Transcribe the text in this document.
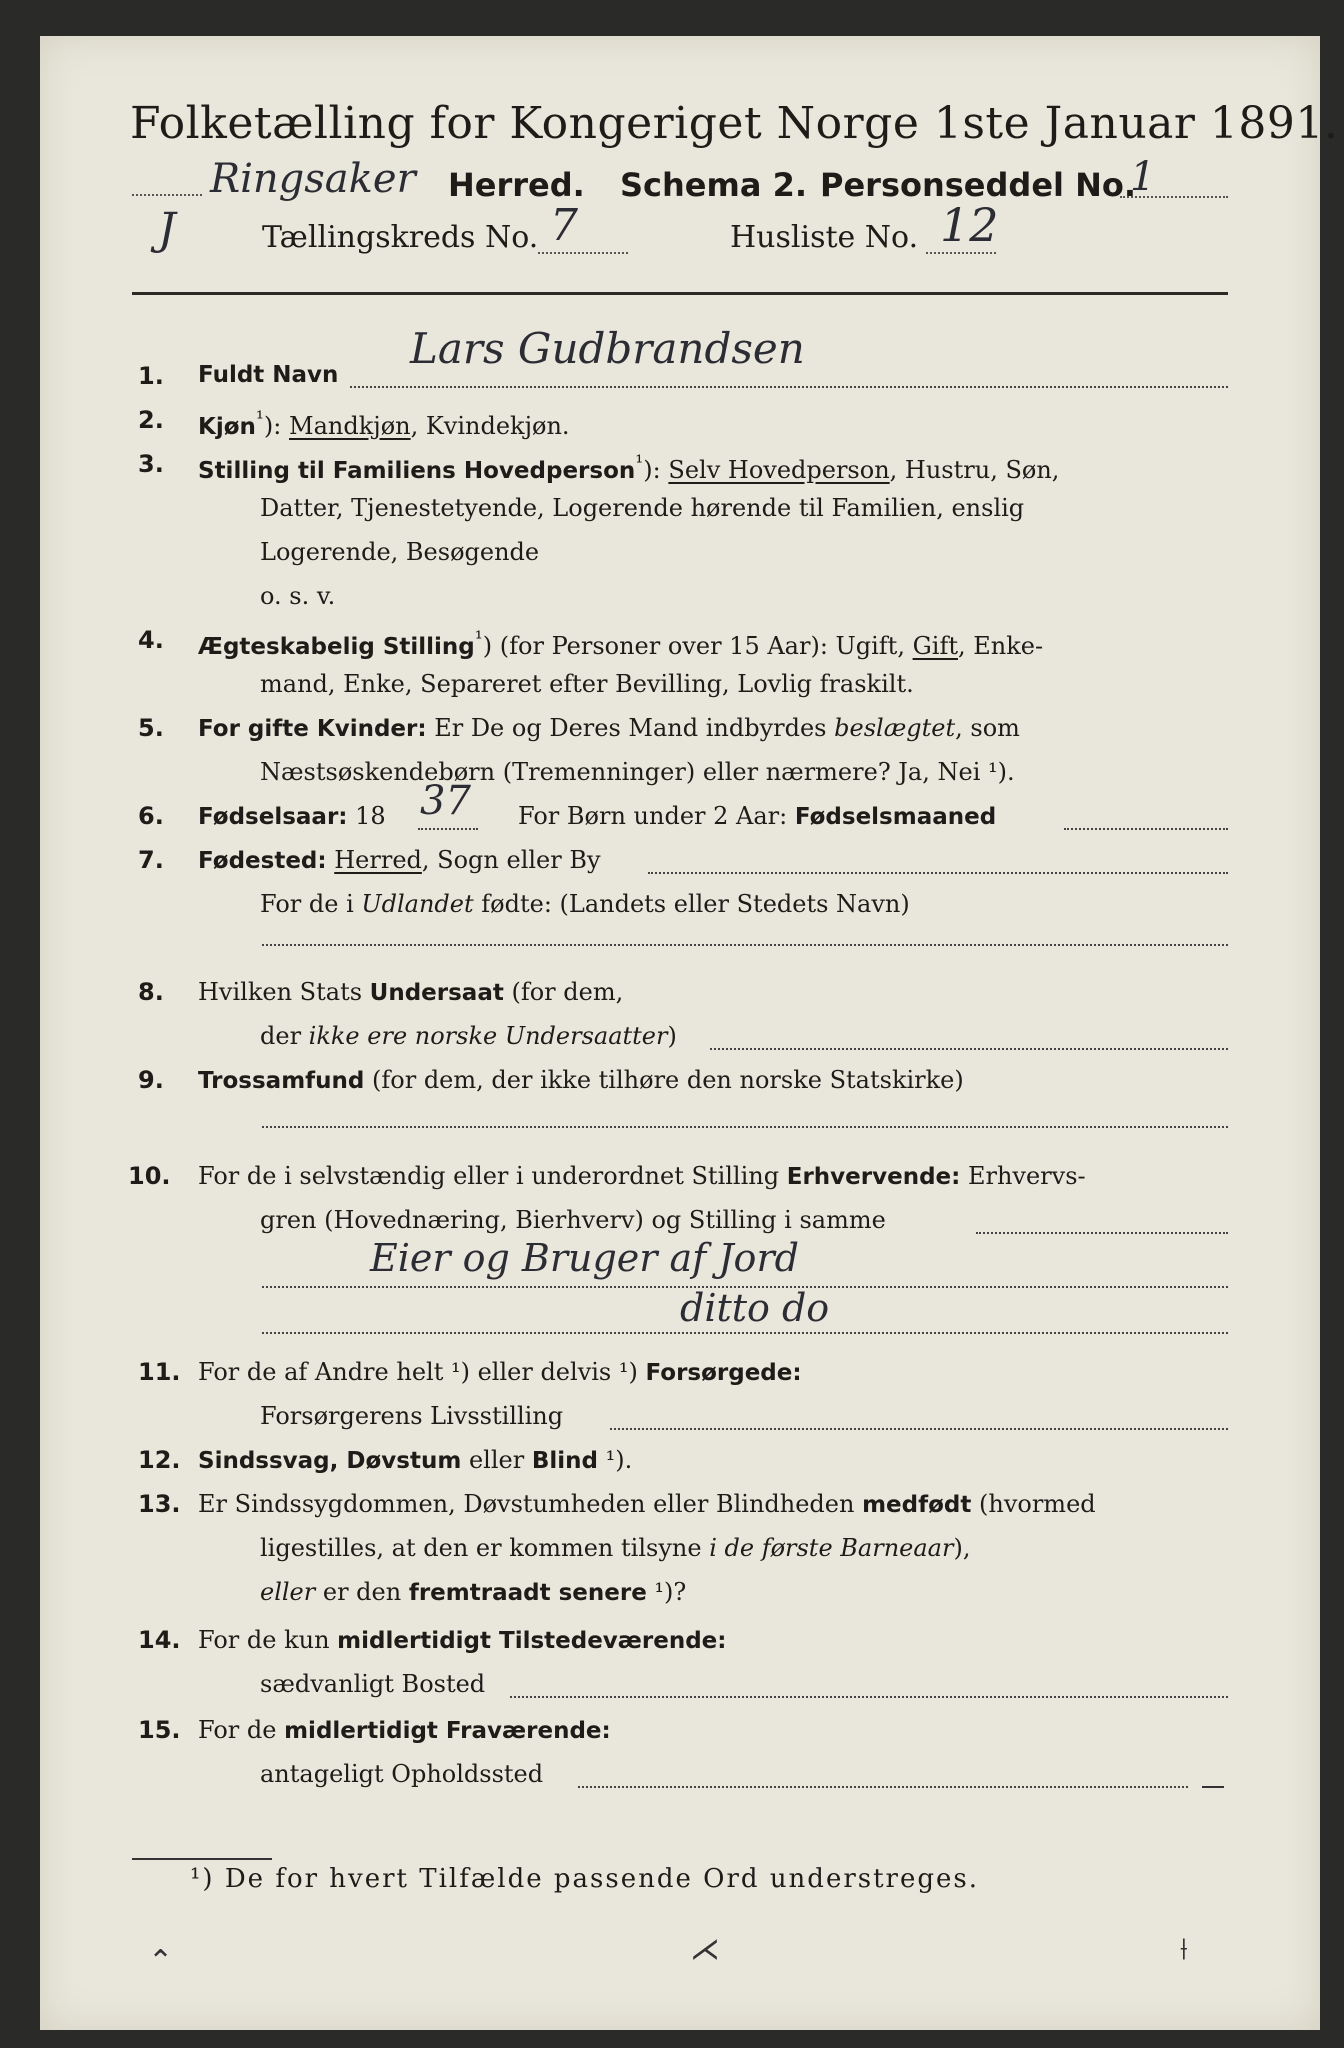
Folketælling for Kongeriget Norge 1ste Januar 1891.
Ringsaker Herred. Schema 2. Personseddel No.
1
J	Tællingskreds No. 7	Husliste No. 12
1. Fuldt Navn
Lars Gudbrandsen
2. Kjøn$^{^1}$): Mandkjøn, Kvindekjøn.
3. Stilling til Familiens Hovedperson$^{^1}$): Selv Hovedperson, Hustru, Søn,
Datter, Tjenestetyende, Logerende hørende til Familien, enslig
Logerende, Besøgende
o. s. v.
4. Ægteskabelig Stilling$^{^1}$) (for Personer over 15 Aar): Ugift, Gift, Enke-
mand, Enke, Separeret efter Bevilling, Lovlig fraskilt.
5. For gifte Kvinder: Er De og Deres Mand indbyrdes beslægtet, som
Næstsøskendebørn (Tremenninger) eller nærmere? Ja, Nei ¹).
6. Fødselsaar: 18	For Børn under 2 Aar: Fødselsmaaned
37
7. Fødested: Herred, Sogn eller By
For de i Udlandet fødte: (Landets eller Stedets Navn)
8. Hvilken Stats Undersaat (for dem,
der ikke ere norske Undersaatter)
9. Trossamfund (for dem, der ikke tilhøre den norske Statskirke)
10. For de i selvstændig eller i underordnet Stilling Erhvervende: Erhvervs-
gren (Hovednæring, Bierhverv) og Stilling i samme
Eier og Bruger af Jord
ditto do
11. For de af Andre helt ¹) eller delvis ¹) Forsørgede:
Forsørgerens Livsstilling
12. Sindssvag, Døvstum eller Blind ¹).
13. Er Sindssygdommen, Døvstumheden eller Blindheden medfødt (hvormed
ligestilles, at den er kommen tilsyne i de første Barneaar),
eller er den fremtraadt senere ¹)?
14. For de kun midlertidigt Tilstedeværende:
sædvanligt Bosted
15. For de midlertidigt Fraværende:
antageligt Opholdssted
¹) De for hvert Tilfælde passende Ord understreges.
⌃	⋌	⟊
